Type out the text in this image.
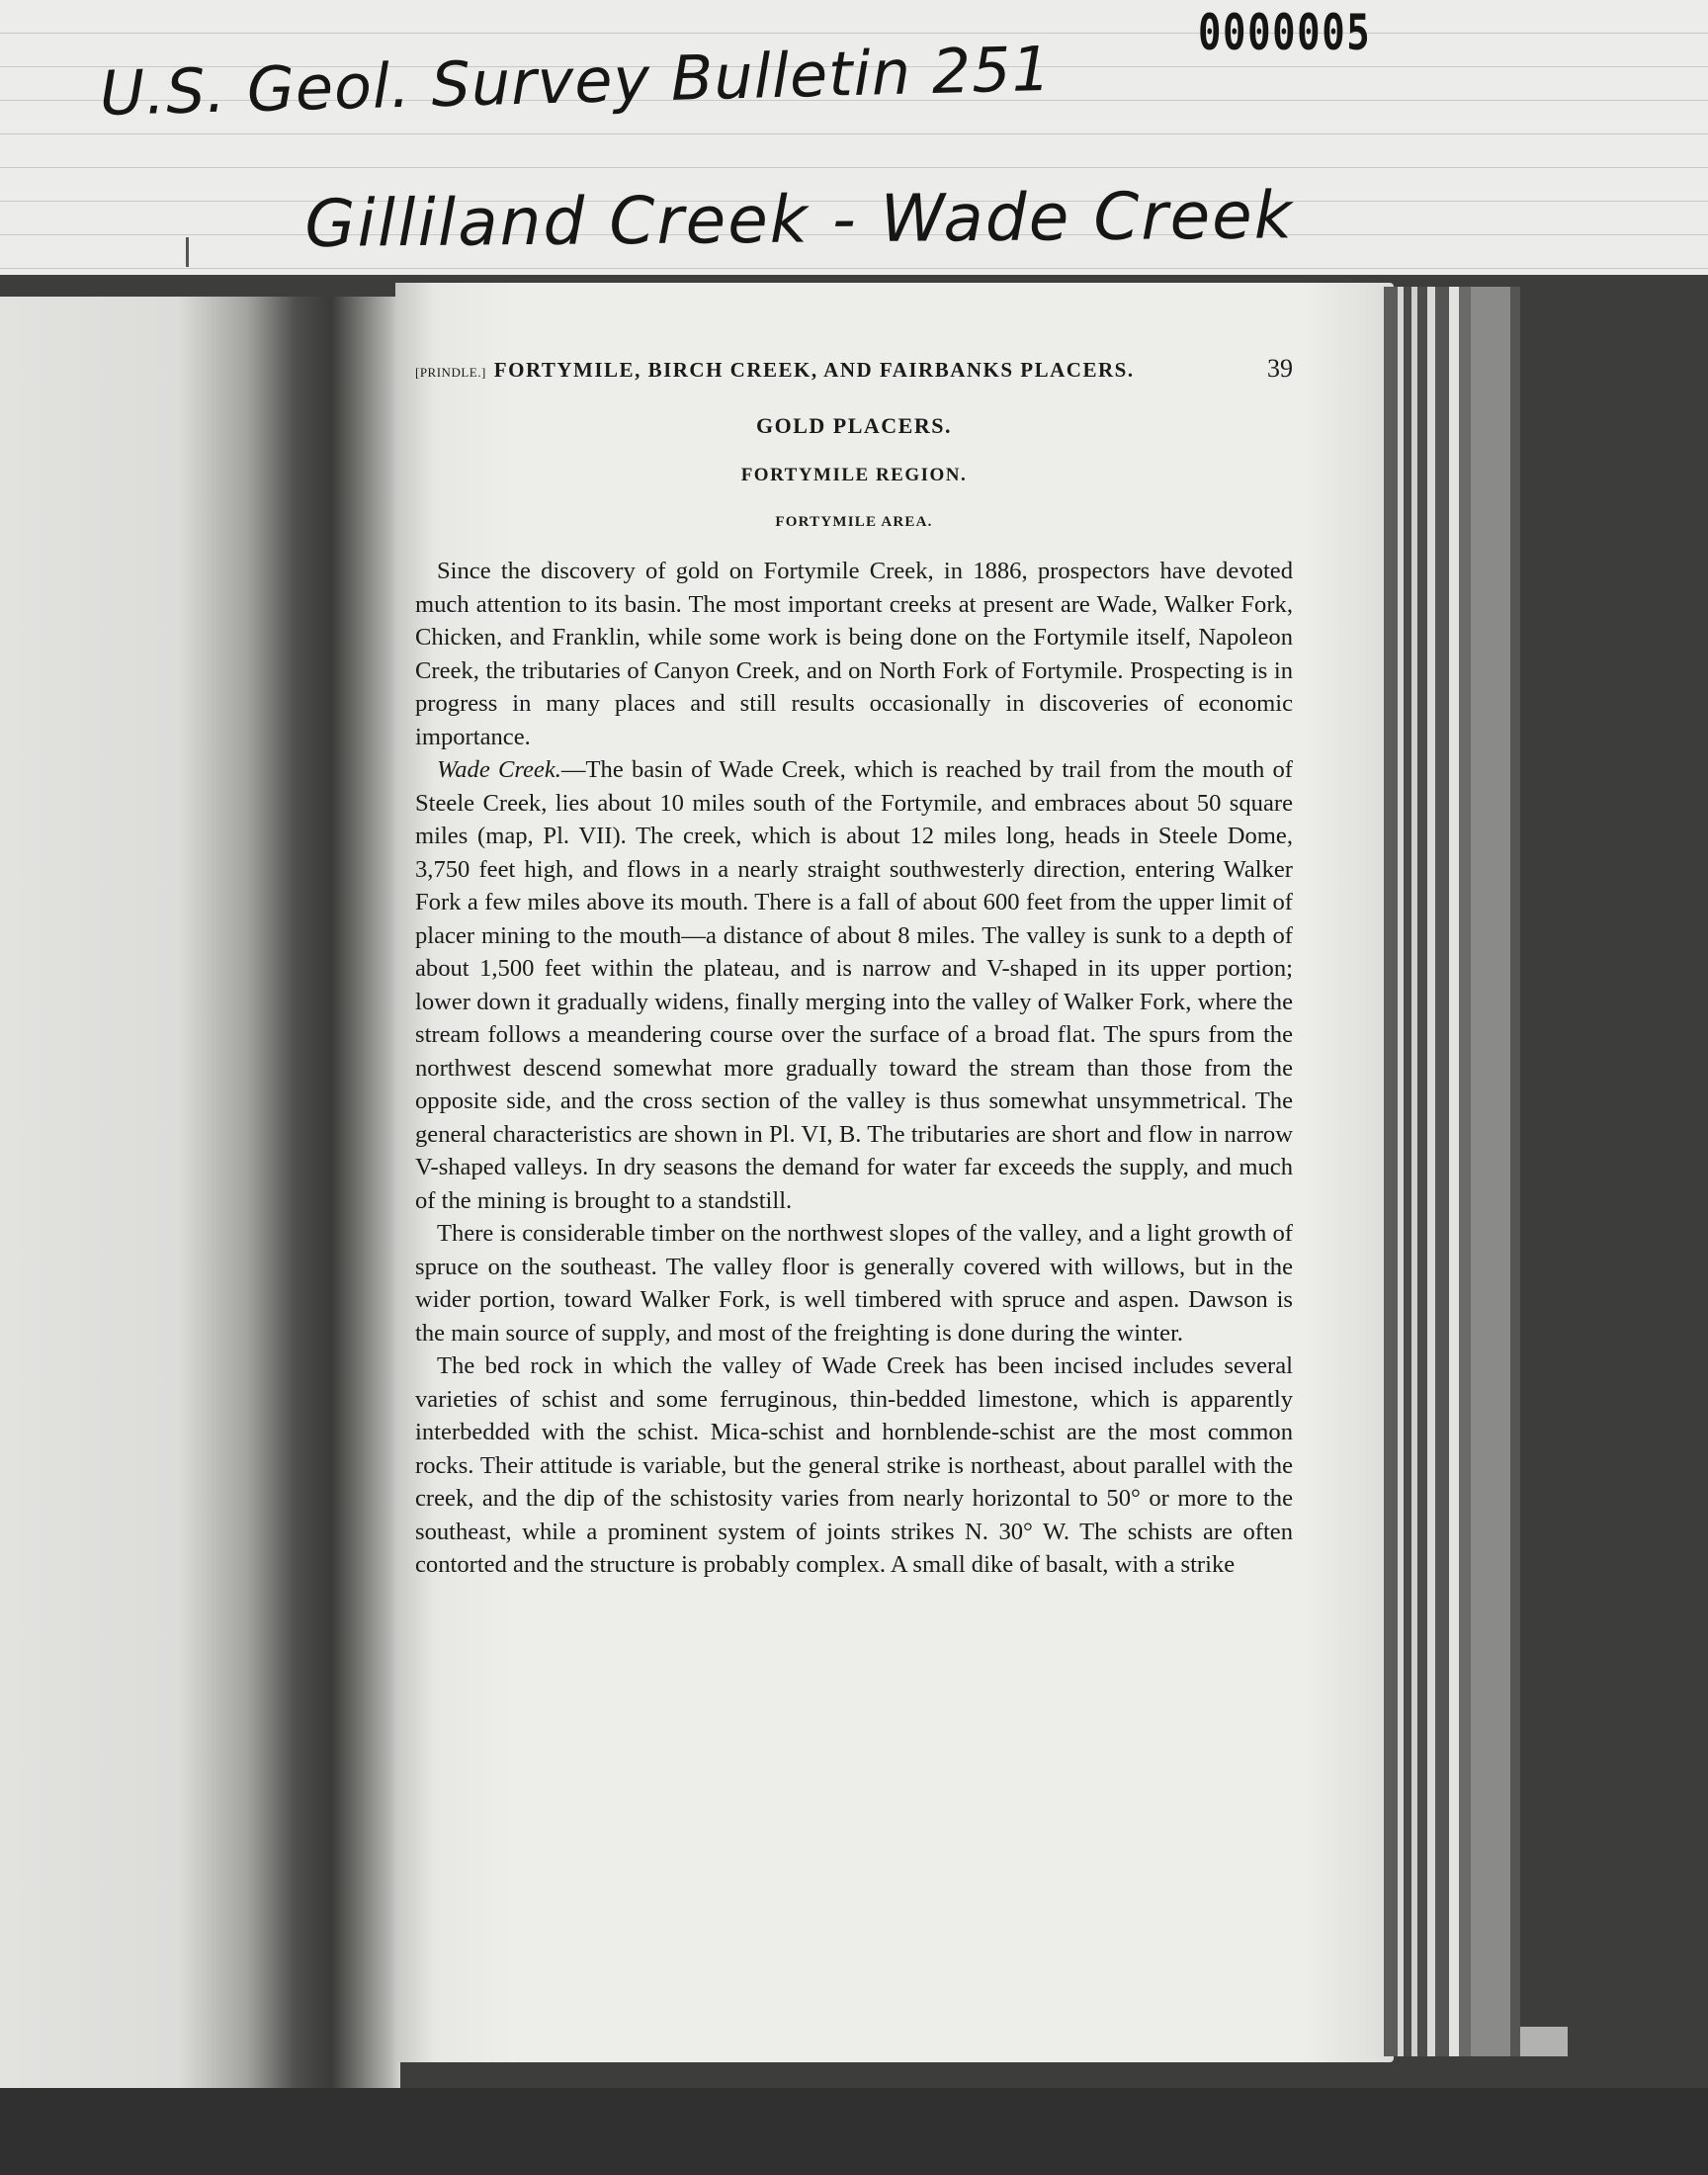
0000005
U.S. Geol. Survey Bulletin 251
Gilliland Creek - Wade Creek
[PRINDLE.] FORTYMILE, BIRCH CREEK, AND FAIRBANKS PLACERS.	39
GOLD PLACERS.
FORTYMILE REGION.
FORTYMILE AREA.

Since the discovery of gold on Fortymile Creek, in 1886, prospectors have devoted much attention to its basin. The most important creeks at present are Wade, Walker Fork, Chicken, and Franklin, while some work is being done on the Fortymile itself, Napoleon Creek, the tributaries of Canyon Creek, and on North Fork of Fortymile. Prospecting is in progress in many places and still results occasionally in discoveries of economic importance.

Wade Creek.—The basin of Wade Creek, which is reached by trail from the mouth of Steele Creek, lies about 10 miles south of the Fortymile, and embraces about 50 square miles (map, Pl. VII). The creek, which is about 12 miles long, heads in Steele Dome, 3,750 feet high, and flows in a nearly straight southwesterly direction, entering Walker Fork a few miles above its mouth. There is a fall of about 600 feet from the upper limit of placer mining to the mouth—a distance of about 8 miles. The valley is sunk to a depth of about 1,500 feet within the plateau, and is narrow and V-shaped in its upper portion; lower down it gradually widens, finally merging into the valley of Walker Fork, where the stream follows a meandering course over the surface of a broad flat. The spurs from the northwest descend somewhat more gradually toward the stream than those from the opposite side, and the cross section of the valley is thus somewhat unsymmetrical. The general characteristics are shown in Pl. VI, B. The tributaries are short and flow in narrow V-shaped valleys. In dry seasons the demand for water far exceeds the supply, and much of the mining is brought to a standstill.

There is considerable timber on the northwest slopes of the valley, and a light growth of spruce on the southeast. The valley floor is generally covered with willows, but in the wider portion, toward Walker Fork, is well timbered with spruce and aspen. Dawson is the main source of supply, and most of the freighting is done during the winter.

The bed rock in which the valley of Wade Creek has been incised includes several varieties of schist and some ferruginous, thin-bedded limestone, which is apparently interbedded with the schist. Mica-schist and hornblende-schist are the most common rocks. Their attitude is variable, but the general strike is northeast, about parallel with the creek, and the dip of the schistosity varies from nearly horizontal to 50° or more to the southeast, while a prominent system of joints strikes N. 30° W. The schists are often contorted and the structure is probably complex. A small dike of basalt, with a strike
